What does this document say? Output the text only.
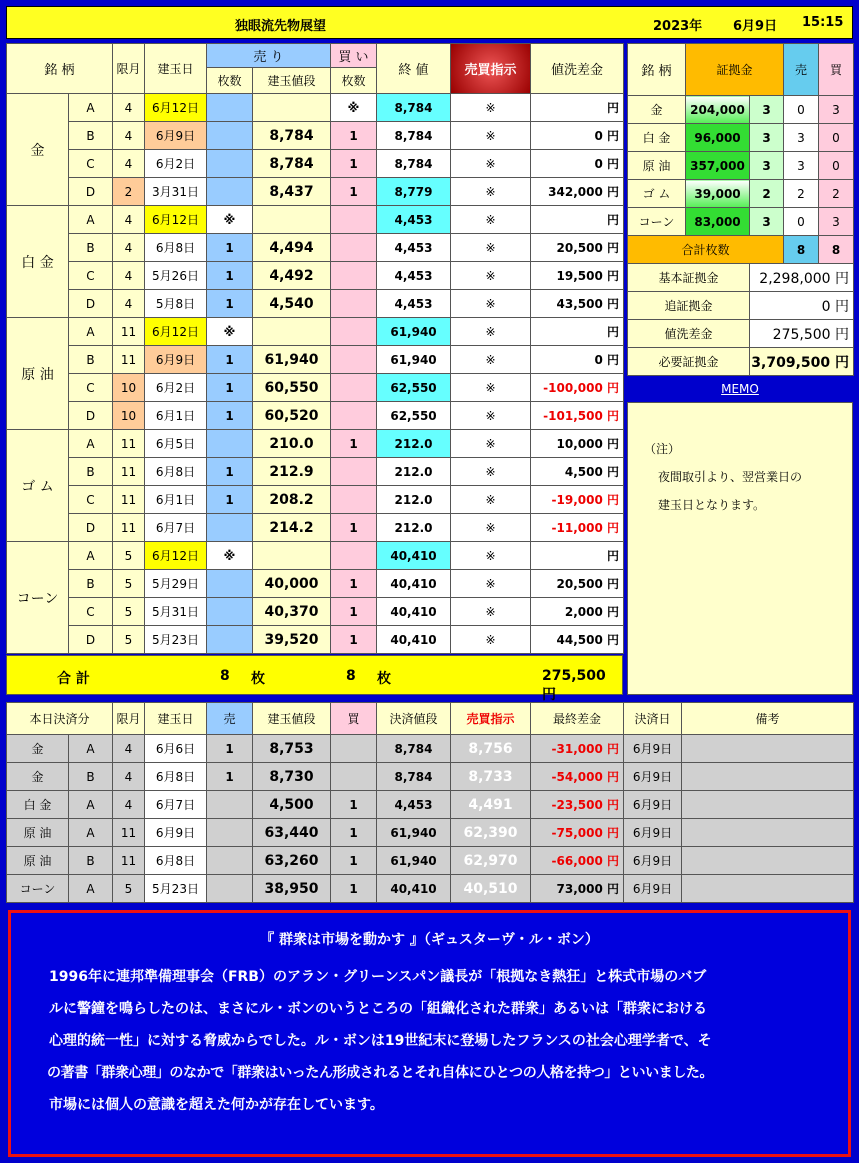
独眼流先物展望	2023年 6月9日 15:15
銘 柄		限月	建玉日	売 り		買 い	終 値	売買指示	値洗差金
				枚数	建玉値段	枚数			
金	A	4	6月12日			※	8,784	※	円
	B	4	6月9日		8,784	1	8,784	※	0 円
	C	4	6月2日		8,784	1	8,784	※	0 円
	D	2	3月31日		8,437	1	8,779	※	342,000 円
白 金	A	4	6月12日	※			4,453	※	円
	B	4	6月8日	1	4,494		4,453	※	20,500 円
	C	4	5月26日	1	4,492		4,453	※	19,500 円
	D	4	5月8日	1	4,540		4,453	※	43,500 円
原 油	A	11	6月12日	※			61,940	※	円
	B	11	6月9日	1	61,940		61,940	※	0 円
	C	10	6月2日	1	60,550		62,550	※	-100,000 円
	D	10	6月1日	1	60,520		62,550	※	-101,500 円
ゴ ム	A	11	6月5日		210.0	1	212.0	※	10,000 円
	B	11	6月8日	1	212.9		212.0	※	4,500 円
	C	11	6月1日	1	208.2		212.0	※	-19,000 円
	D	11	6月7日		214.2	1	212.0	※	-11,000 円
コーン	A	5	6月12日	※			40,410	※	円
	B	5	5月29日		40,000	1	40,410	※	20,500 円
	C	5	5月31日		40,370	1	40,410	※	2,000 円
	D	5	5月23日		39,520	1	40,410	※	44,500 円
合 計	8 枚	8 枚	275,500 円
銘 柄	証拠金		売	買
金	204,000	3	0	3
白 金	96,000	3	3	0
原 油	357,000	3	3	0
ゴ ム	39,000	2	2	2
コーン	83,000	3	0	3
合計枚数			8	8
基本証拠金		2,298,000 円		
追証拠金		0 円		
値洗差金		275,500 円		
必要証拠金		3,709,500 円		
MEMO
（注）
夜間取引より、翌営業日の
建玉日となります。
本日決済分		限月	建玉日	売	建玉値段	買	決済値段	売買指示	最終差金	決済日	備考
金	A	4	6月6日	1	8,753		8,784	8,756	-31,000 円	6月9日	
金	B	4	6月8日	1	8,730		8,784	8,733	-54,000 円	6月9日	
白 金	A	4	6月7日		4,500	1	4,453	4,491	-23,500 円	6月9日	
原 油	A	11	6月9日		63,440	1	61,940	62,390	-75,000 円	6月9日	
原 油	B	11	6月8日		63,260	1	61,940	62,970	-66,000 円	6月9日	
コーン	A	5	5月23日		38,950	1	40,410	40,510	73,000 円	6月9日	
『 群衆は市場を動かす 』（ギュスターヴ・ル・ボン）
1996年に連邦準備理事会（FRB）のアラン・グリーンスパン議長が「根拠なき熱狂」と株式市場のバブ
ルに警鐘を鳴らしたのは、まさにル・ボンのいうところの「組織化された群衆」あるいは「群衆における
心理的統一性」に対する脅威からでした。ル・ボンは19世紀末に登場したフランスの社会心理学者で、そ
の著書「群衆心理」のなかで「群衆はいったん形成されるとそれ自体にひとつの人格を持つ」といいました。
市場には個人の意識を超えた何かが存在しています。
